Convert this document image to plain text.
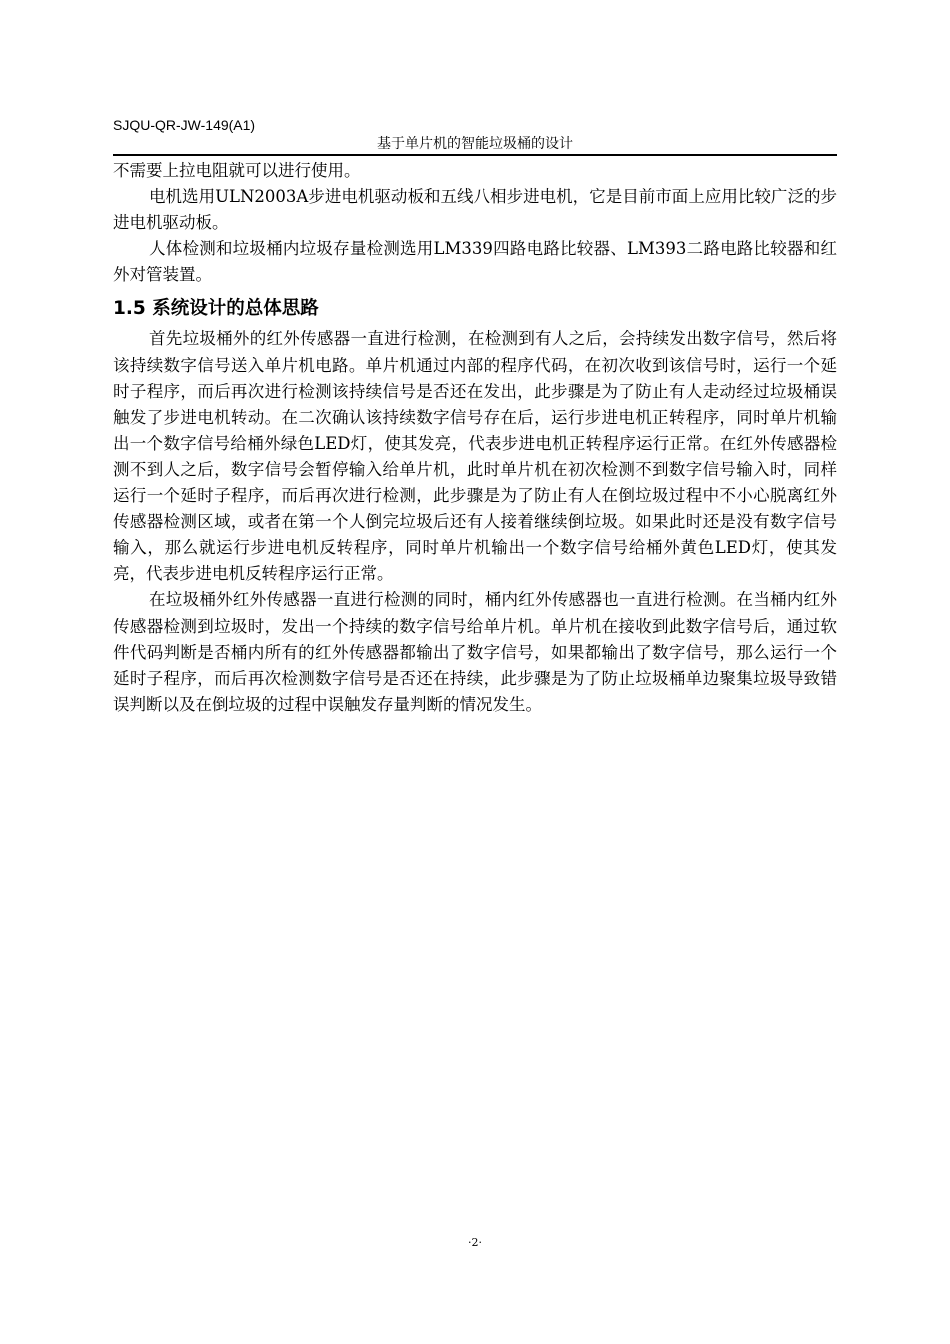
SJQU-QR-JW-149(A1)
基于单片机的智能垃圾桶的设计

不需要上拉电阻就可以进行使用。

电机选用ULN2003A步进电机驱动板和五线八相步进电机，它是目前市面上应用比较广泛的步进电机驱动板。

人体检测和垃圾桶内垃圾存量检测选用LM339四路电路比较器、LM393二路电路比较器和红外对管装置。

1.5 系统设计的总体思路

首先垃圾桶外的红外传感器一直进行检测，在检测到有人之后，会持续发出数字信号，然后将该持续数字信号送入单片机电路。单片机通过内部的程序代码，在初次收到该信号时，运行一个延时子程序，而后再次进行检测该持续信号是否还在发出，此步骤是为了防止有人走动经过垃圾桶误触发了步进电机转动。在二次确认该持续数字信号存在后，运行步进电机正转程序，同时单片机输出一个数字信号给桶外绿色LED灯，使其发亮，代表步进电机正转程序运行正常。在红外传感器检测不到人之后，数字信号会暂停输入给单片机，此时单片机在初次检测不到数字信号输入时，同样运行一个延时子程序，而后再次进行检测，此步骤是为了防止有人在倒垃圾过程中不小心脱离红外传感器检测区域，或者在第一个人倒完垃圾后还有人接着继续倒垃圾。如果此时还是没有数字信号输入，那么就运行步进电机反转程序，同时单片机输出一个数字信号给桶外黄色LED灯，使其发亮，代表步进电机反转程序运行正常。

在垃圾桶外红外传感器一直进行检测的同时，桶内红外传感器也一直进行检测。在当桶内红外传感器检测到垃圾时，发出一个持续的数字信号给单片机。单片机在接收到此数字信号后，通过软件代码判断是否桶内所有的红外传感器都输出了数字信号，如果都输出了数字信号，那么运行一个延时子程序，而后再次检测数字信号是否还在持续，此步骤是为了防止垃圾桶单边聚集垃圾导致错误判断以及在倒垃圾的过程中误触发存量判断的情况发生。

·2·
